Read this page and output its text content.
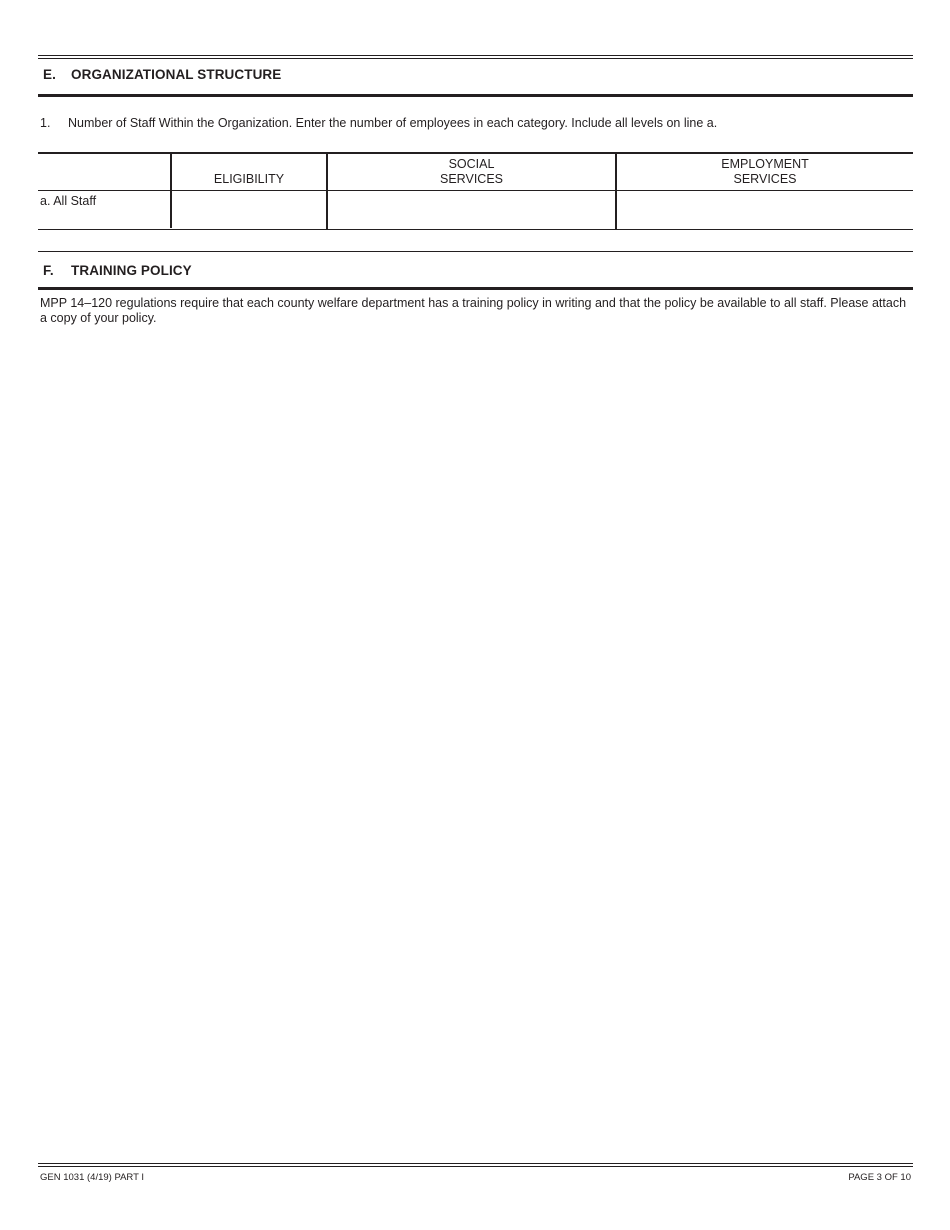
E. ORGANIZATIONAL STRUCTURE
1. Number of Staff Within the Organization. Enter the number of employees in each category. Include all levels on line a.
ELIGIBILITY
SOCIAL
SERVICES
EMPLOYMENT
SERVICES
a. All Staff
F. TRAINING POLICY
MPP 14–120 regulations require that each county welfare department has a training policy in writing and that the policy be available to all staff. Please attach a copy of your policy.
GEN 1031 (4/19) PART I	PAGE 3 OF 10
